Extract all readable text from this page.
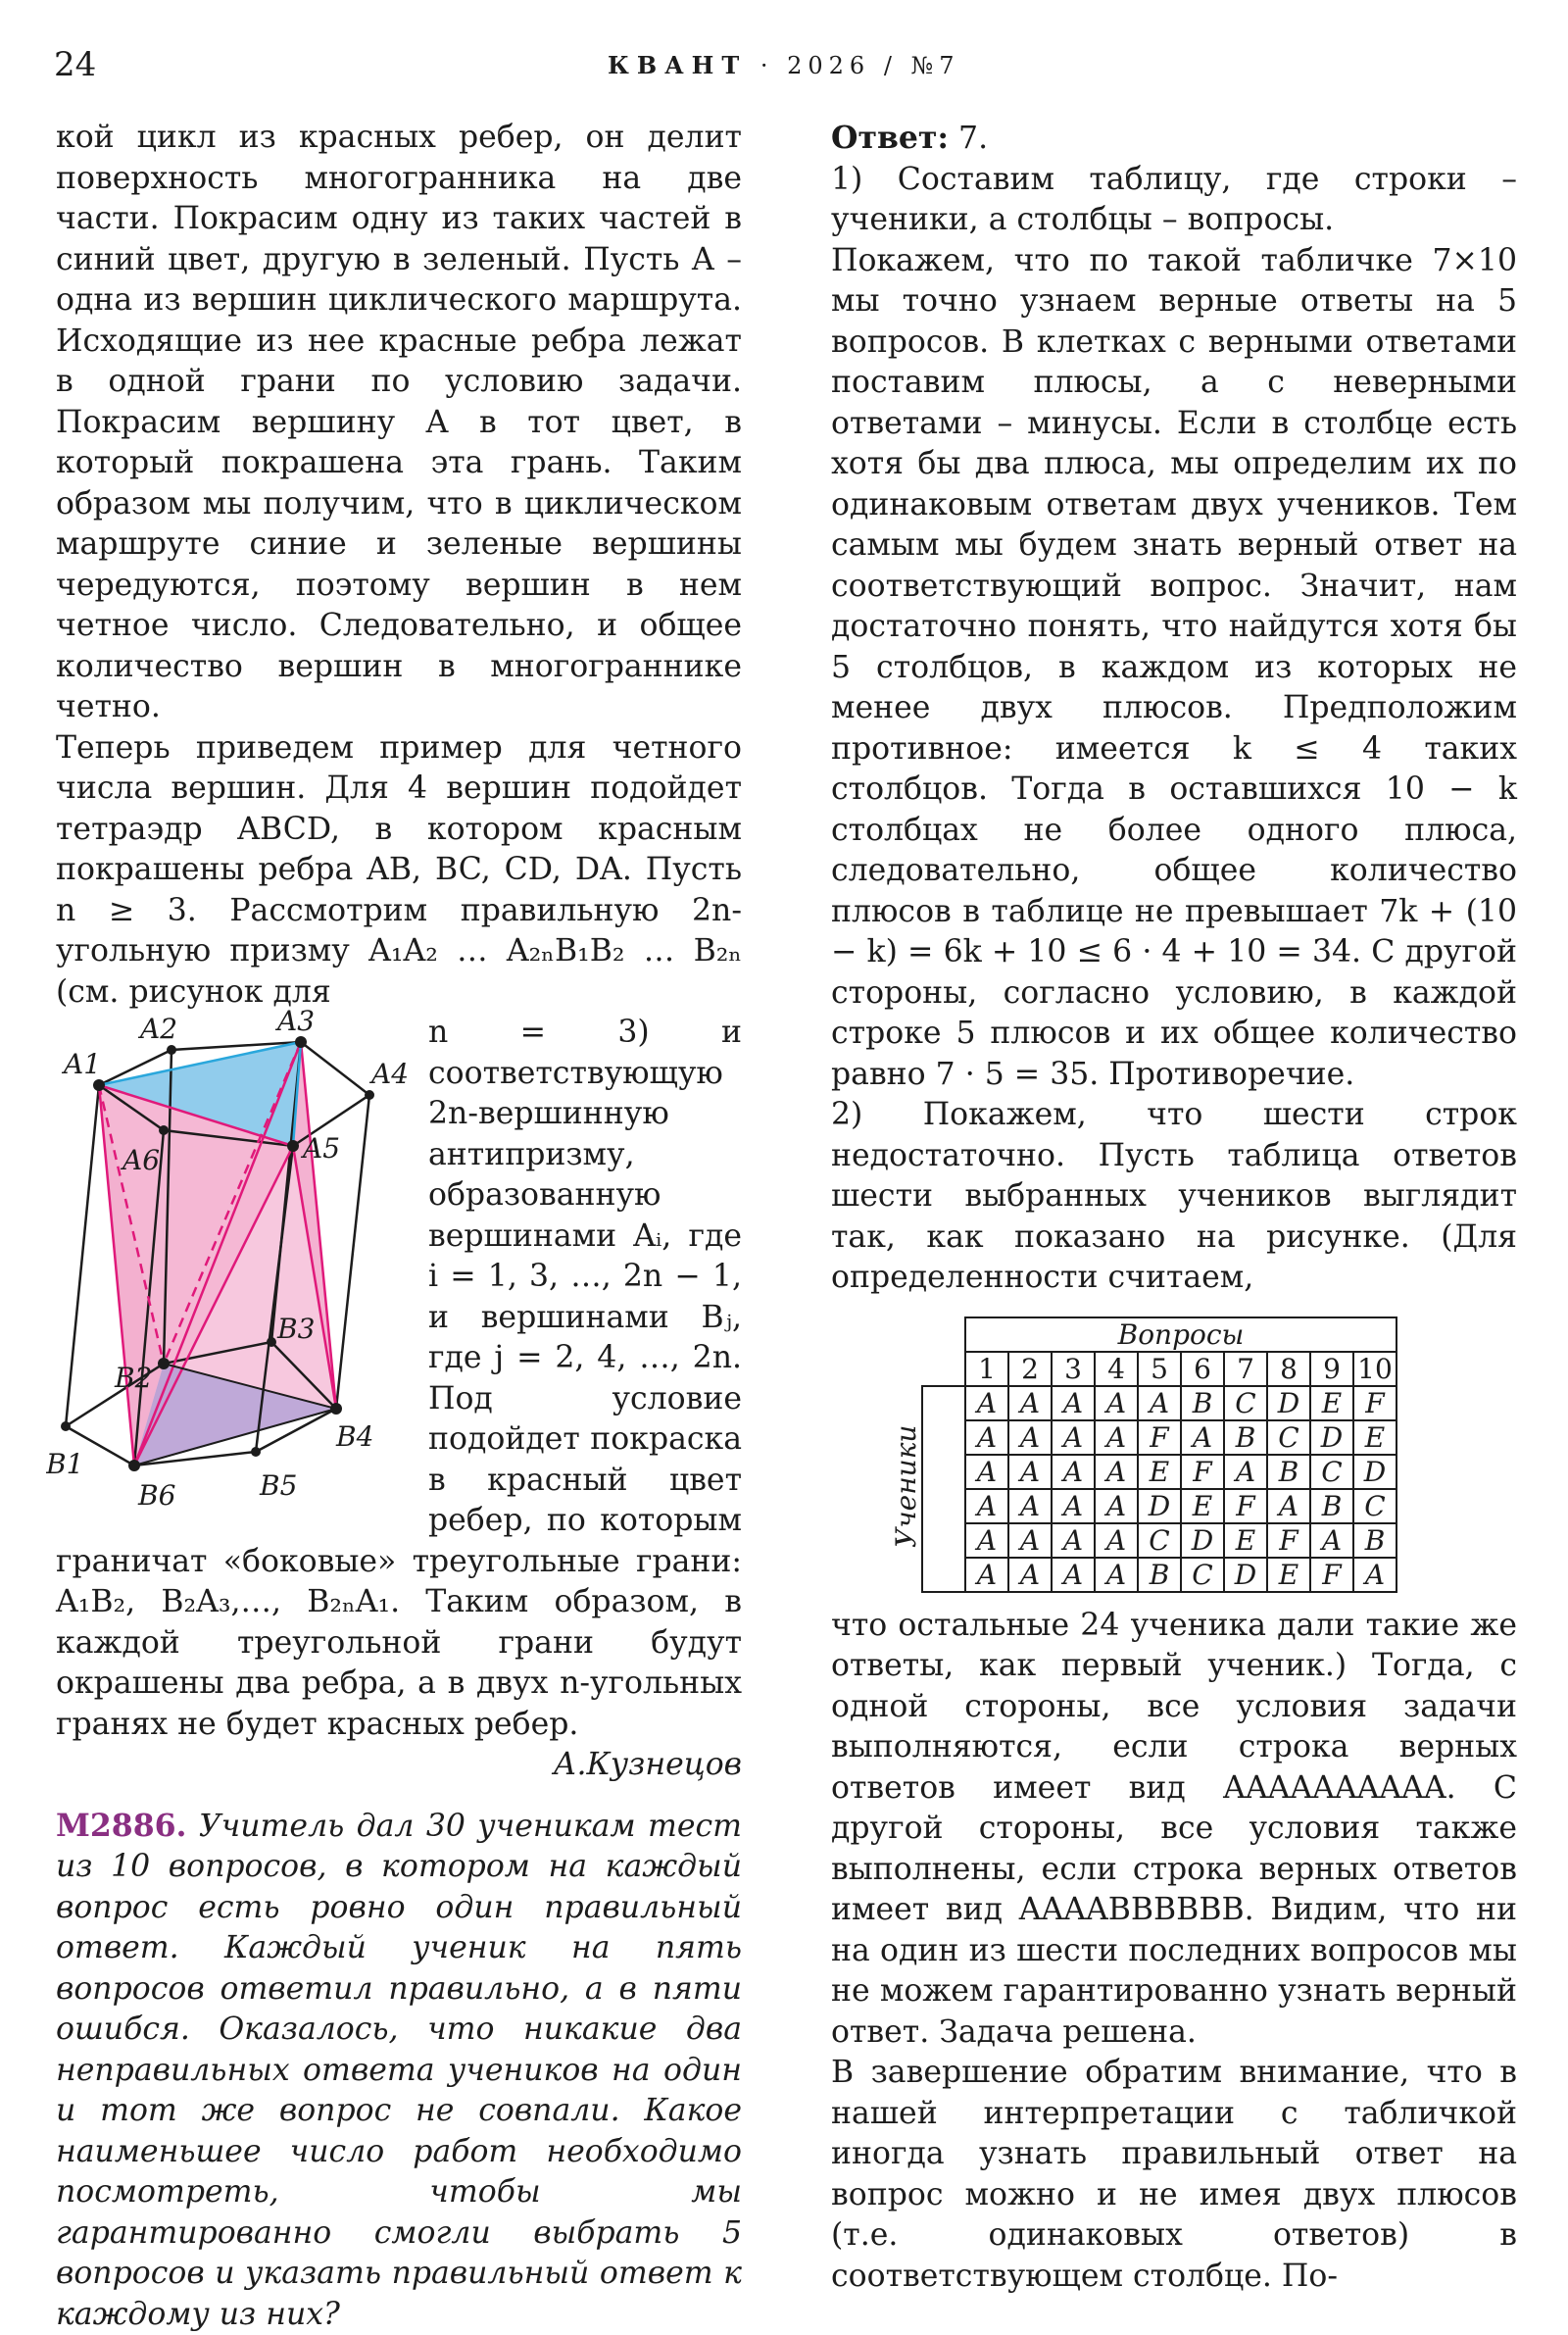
24	КВАНТ · 2026 / №7

кой цикл из красных ребер, он делит поверхность многогранника на две части. Покрасим одну из таких частей в синий цвет, другую в зеленый. Пусть A – одна из вершин циклического маршрута. Исходящие из нее красные ребра лежат в одной грани по условию задачи. Покрасим вершину A в тот цвет, в который покрашена эта грань. Таким образом мы получим, что в циклическом маршруте синие и зеленые вершины чередуются, поэтому вершин в нем четное число. Следовательно, и общее количество вершин в многограннике четно.

Теперь приведем пример для четного числа вершин. Для 4 вершин подойдет тетраэдр ABCD, в котором красным покрашены ребра AB, BC, CD, DA. Пусть n ≥ 3. Рассмотрим правильную 2n-угольную призму A₁A₂ … A₂ₙB₁B₂ … B₂ₙ (см. рисунок для

A1
A2	A3
A4
A5
A6
B1
B2
B3
B4
B5
B6

n = 3) и соответствующую 2n-вершинную антипризму, образованную вершинами Aᵢ, где i = 1, 3, …, 2n − 1, и вершинами Bⱼ, где j = 2, 4, …, 2n. Под условие подойдет покраска в красный цвет ребер, по которым граничат «боковые» треугольные грани: A₁B₂, B₂A₃,…, B₂ₙA₁. Таким образом, в каждой треугольной грани будут окрашены два ребра, а в двух n-угольных гранях не будет красных ребер.

А.Кузнецов

M2886. Учитель дал 30 ученикам тест из 10 вопросов, в котором на каждый вопрос есть ровно один правильный ответ. Каждый ученик на пять вопросов ответил правильно, а в пяти ошибся. Оказалось, что никакие два неправильных ответа учеников на один и тот же вопрос не совпали. Какое наименьшее число работ необходимо посмотреть, чтобы мы гарантированно смогли выбрать 5 вопросов и указать правильный ответ к каждому из них?

Ответ: 7.

1) Составим таблицу, где строки – ученики, а столбцы – вопросы.

Покажем, что по такой табличке 7×10 мы точно узнаем верные ответы на 5 вопросов. В клетках с верными ответами поставим плюсы, а с неверными ответами – минусы. Если в столбце есть хотя бы два плюса, мы определим их по одинаковым ответам двух учеников. Тем самым мы будем знать верный ответ на соответствующий вопрос. Значит, нам достаточно понять, что найдутся хотя бы 5 столбцов, в каждом из которых не менее двух плюсов. Предположим противное: имеется k ≤ 4 таких столбцов. Тогда в оставшихся 10 − k столбцах не более одного плюса, следовательно, общее количество плюсов в таблице не превышает 7k + (10 − k) = 6k + 10 ≤ 6 · 4 + 10 = 34. С другой стороны, согласно условию, в каждой строке 5 плюсов и их общее количество равно 7 · 5 = 35. Противоречие.

2) Покажем, что шести строк недостаточно. Пусть таблица ответов шести выбранных учеников выглядит так, как показано на рисунке. (Для определенности считаем,

	Вопросы									
	1	2	3	4	5	6	7	8	9	10
	A	A	A	A	A	B	C	D	E	F
	A	A	A	A	F	A	B	C	D	E
	A	A	A	A	E	F	A	B	C	D
	A	A	A	A	D	E	F	A	B	C
	A	A	A	A	C	D	E	F	A	B
	A	A	A	A	B	C	D	E	F	A
Ученики

что остальные 24 ученика дали такие же ответы, как первый ученик.) Тогда, с одной стороны, все условия задачи выполняются, если строка верных ответов имеет вид AAAAAAAAAA. С другой стороны, все условия также выполнены, если строка верных ответов имеет вид AAAABBBBBB. Видим, что ни на один из шести последних вопросов мы не можем гарантированно узнать верный ответ. Задача решена.

В завершение обратим внимание, что в нашей интерпретации с табличкой иногда узнать правильный ответ на вопрос можно и не имея двух плюсов (т.е. одинаковых ответов) в соответствующем столбце. По-
